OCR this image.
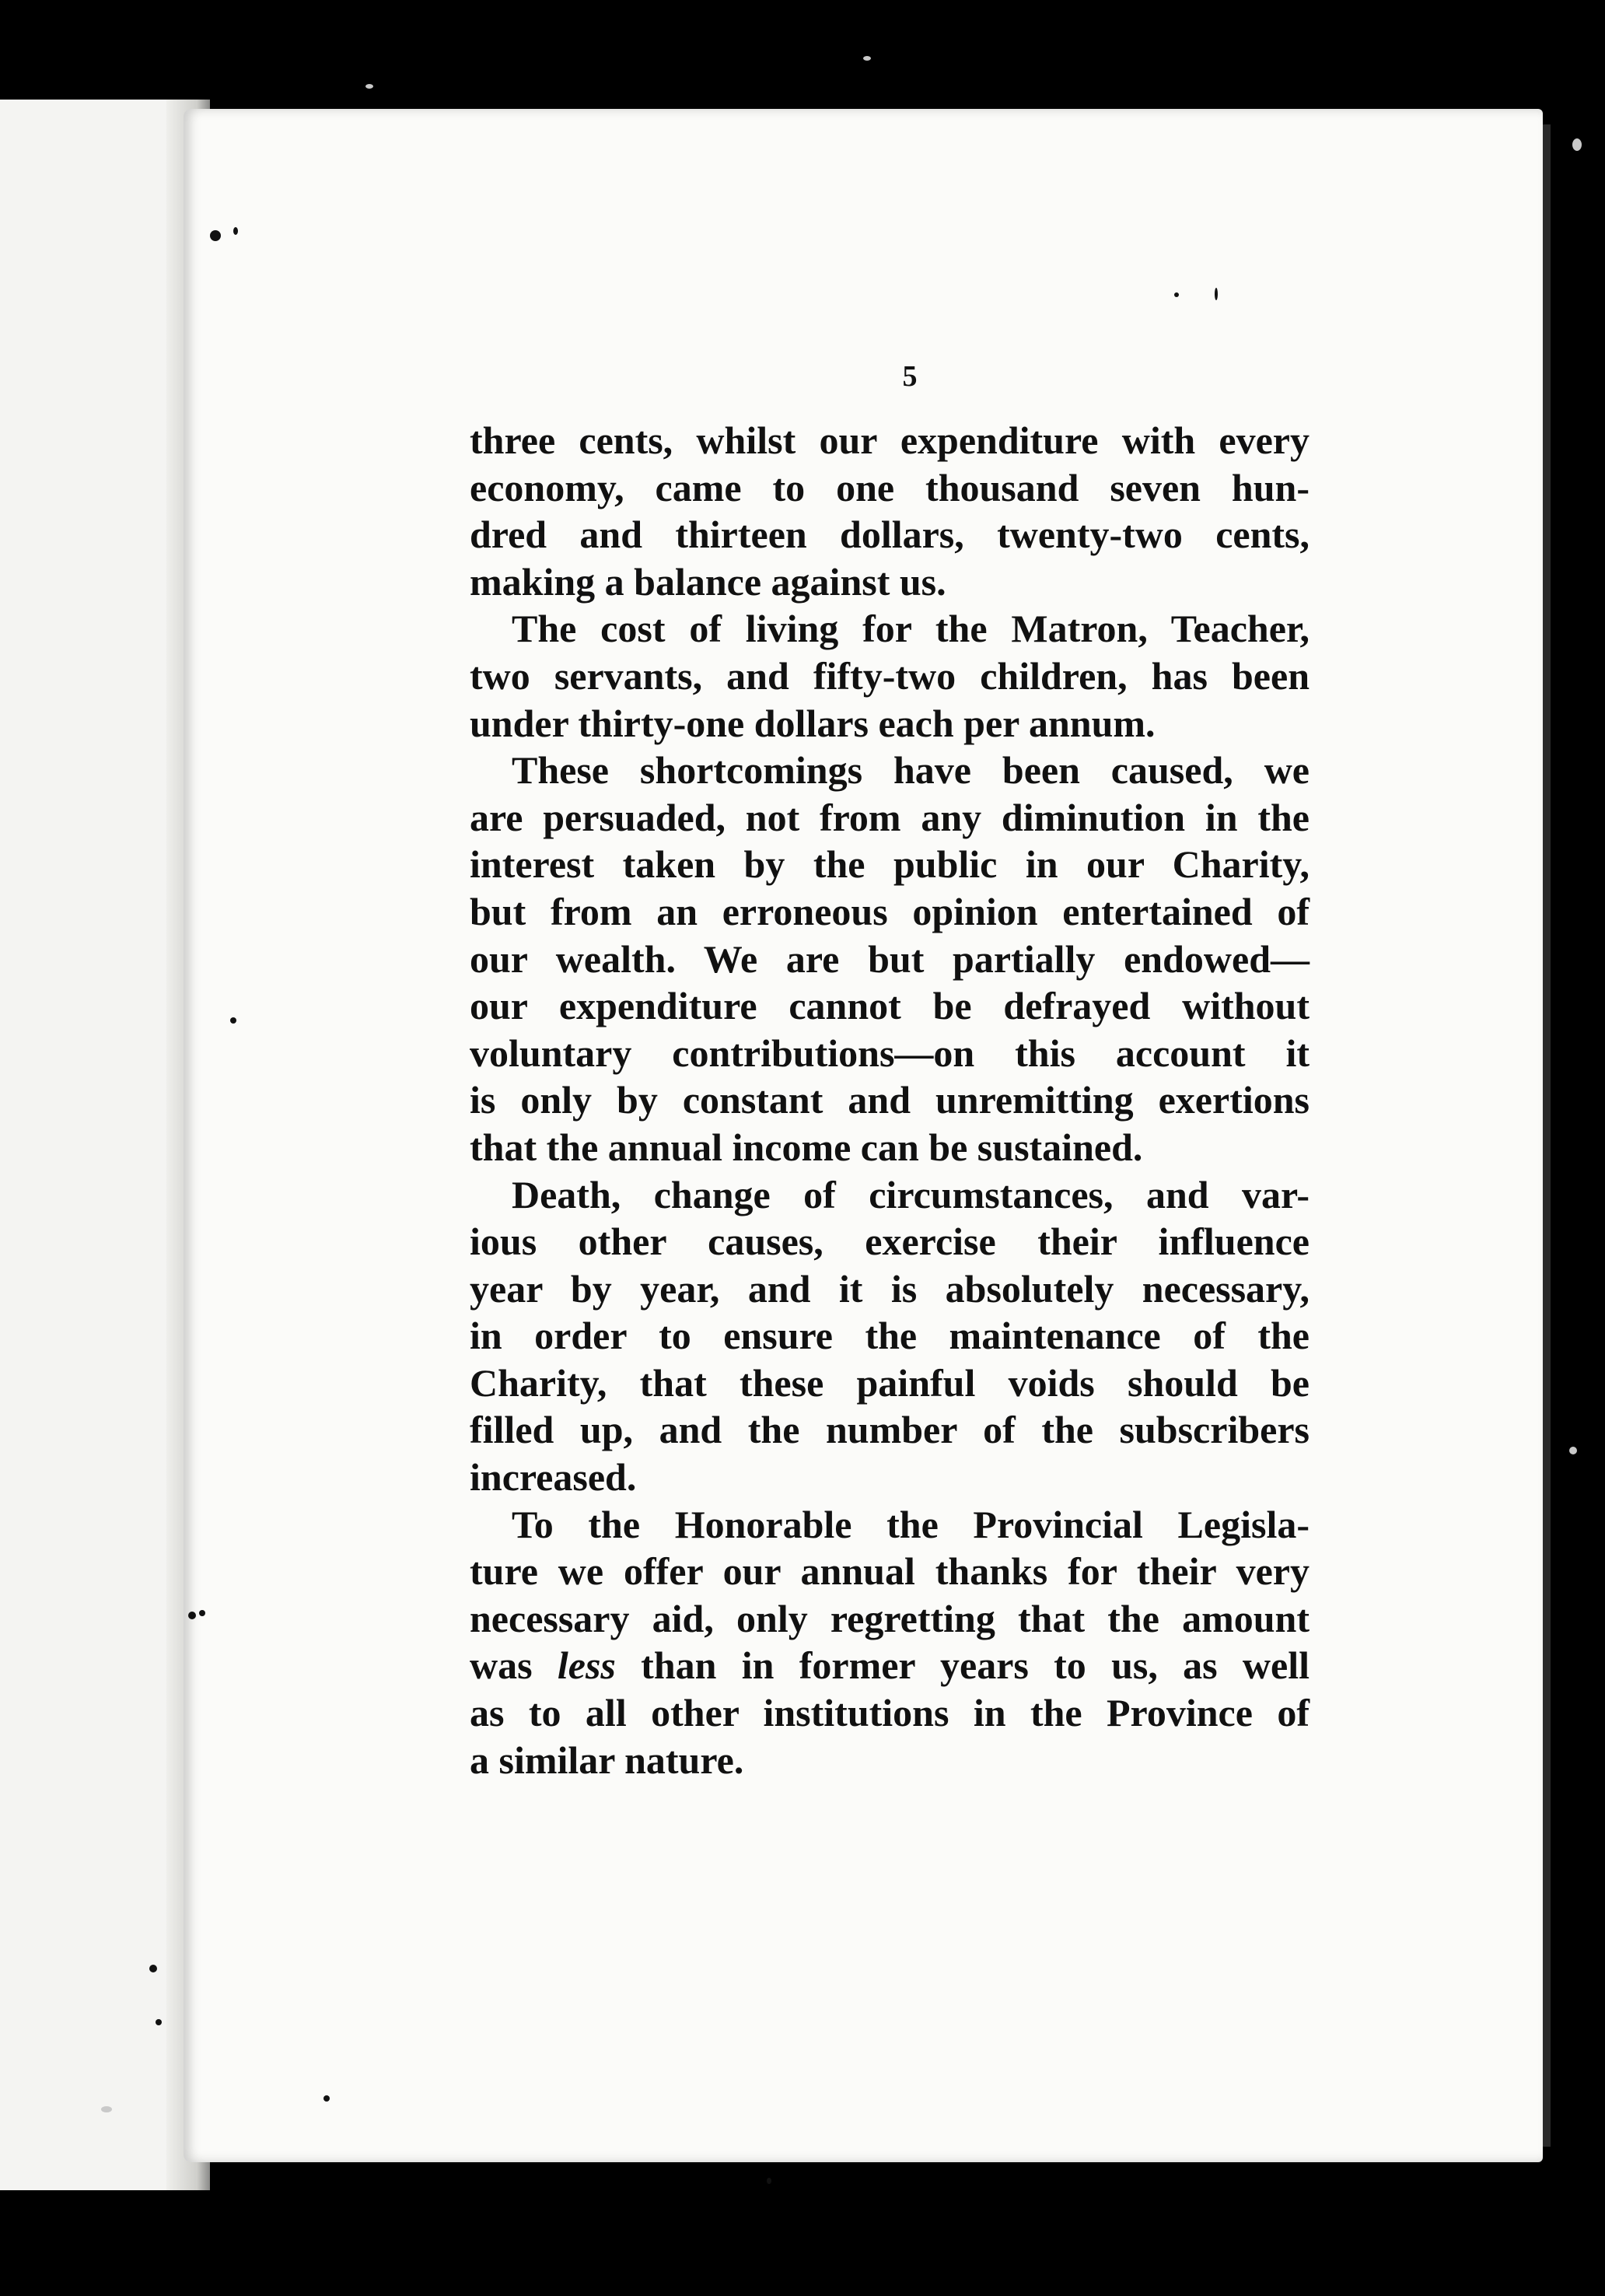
5

three cents, whilst our expenditure with every
economy, came to one thousand seven hun-
dred and thirteen dollars, twenty-two cents,
making a balance against us.

The cost of living for the Matron, Teacher,
two servants, and fifty-two children, has been
under thirty-one dollars each per annum.

These shortcomings have been caused, we
are persuaded, not from any diminution in the
interest taken by the public in our Charity,
but from an erroneous opinion entertained of
our wealth. We are but partially endowed—
our expenditure cannot be defrayed without
voluntary contributions—on this account it
is only by constant and unremitting exertions
that the annual income can be sustained.

Death, change of circumstances, and var-
ious other causes, exercise their influence
year by year, and it is absolutely necessary,
in order to ensure the maintenance of the
Charity, that these painful voids should be
filled up, and the number of the subscribers
increased.

To the Honorable the Provincial Legisla-
ture we offer our annual thanks for their very
necessary aid, only regretting that the amount
was less than in former years to us, as well
as to all other institutions in the Province of
a similar nature.
